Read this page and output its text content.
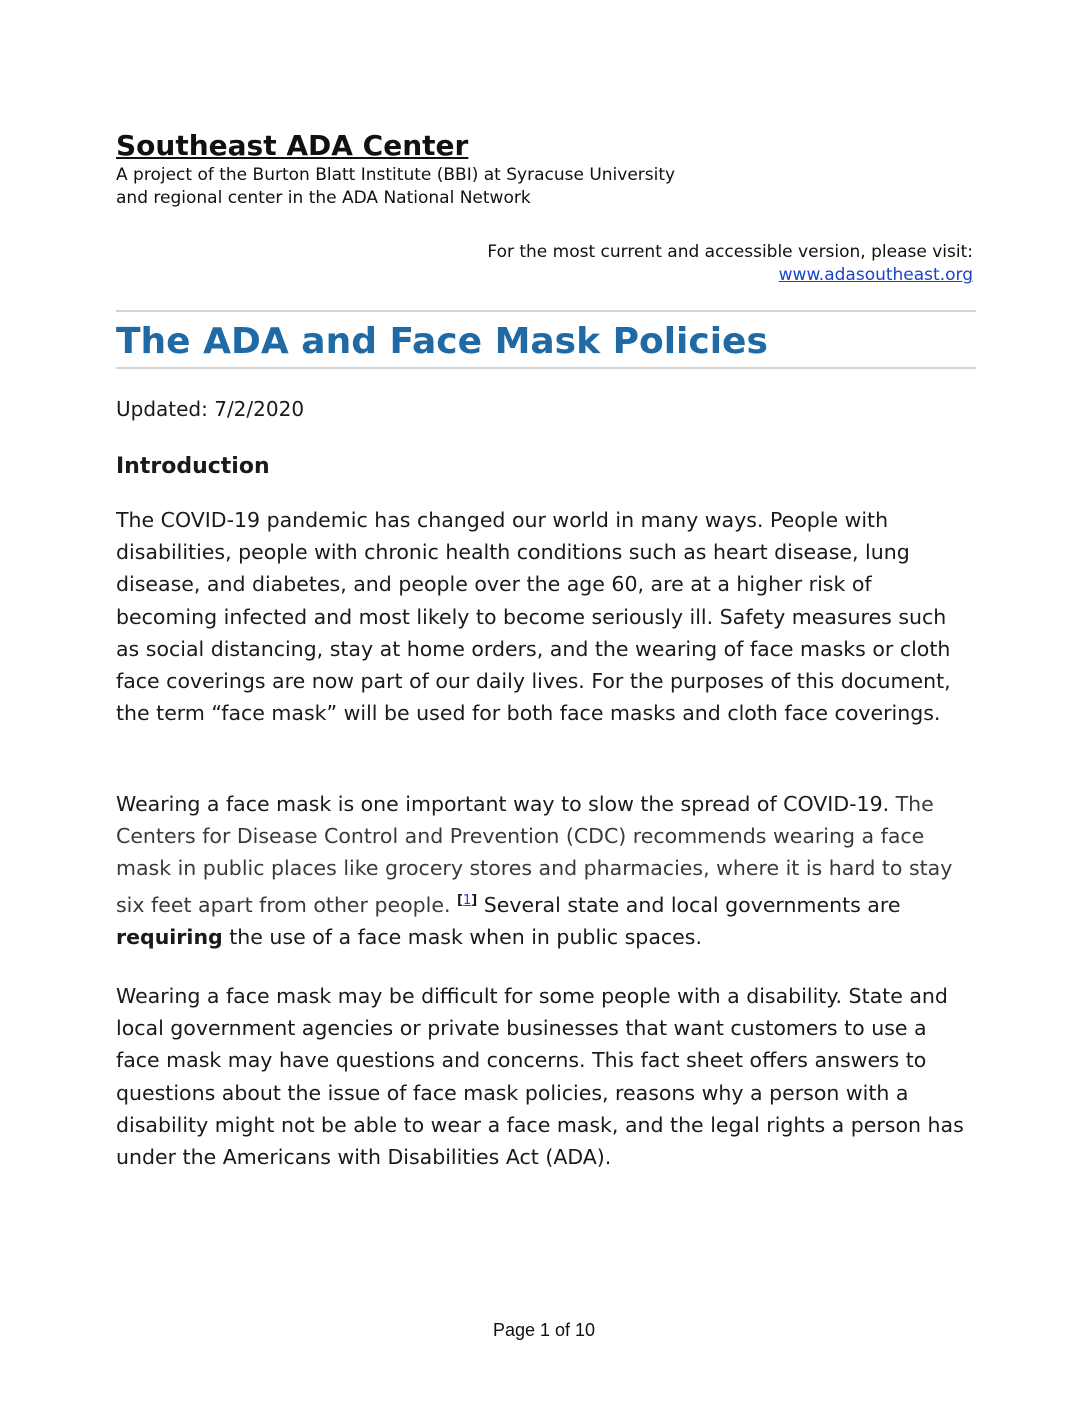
Southeast ADA Center
A project of the Burton Blatt Institute (BBI) at Syracuse University
and regional center in the ADA National Network
For the most current and accessible version, please visit:
www.adasoutheast.org
The ADA and Face Mask Policies
Updated: 7/2/2020
Introduction
The COVID-19 pandemic has changed our world in many ways. People with disabilities, people with chronic health conditions such as heart disease, lung disease, and diabetes, and people over the age 60, are at a higher risk of becoming infected and most likely to become seriously ill. Safety measures such as social distancing, stay at home orders, and the wearing of face masks or cloth face coverings are now part of our daily lives. For the purposes of this document, the term “face mask” will be used for both face masks and cloth face coverings.
Wearing a face mask is one important way to slow the spread of COVID-19. The Centers for Disease Control and Prevention (CDC) recommends wearing a face mask in public places like grocery stores and pharmacies, where it is hard to stay six feet apart from other people. [1] Several state and local governments are requiring the use of a face mask when in public spaces.
Wearing a face mask may be difficult for some people with a disability. State and local government agencies or private businesses that want customers to use a face mask may have questions and concerns. This fact sheet offers answers to questions about the issue of face mask policies, reasons why a person with a disability might not be able to wear a face mask, and the legal rights a person has under the Americans with Disabilities Act (ADA).
Page 1 of 10
